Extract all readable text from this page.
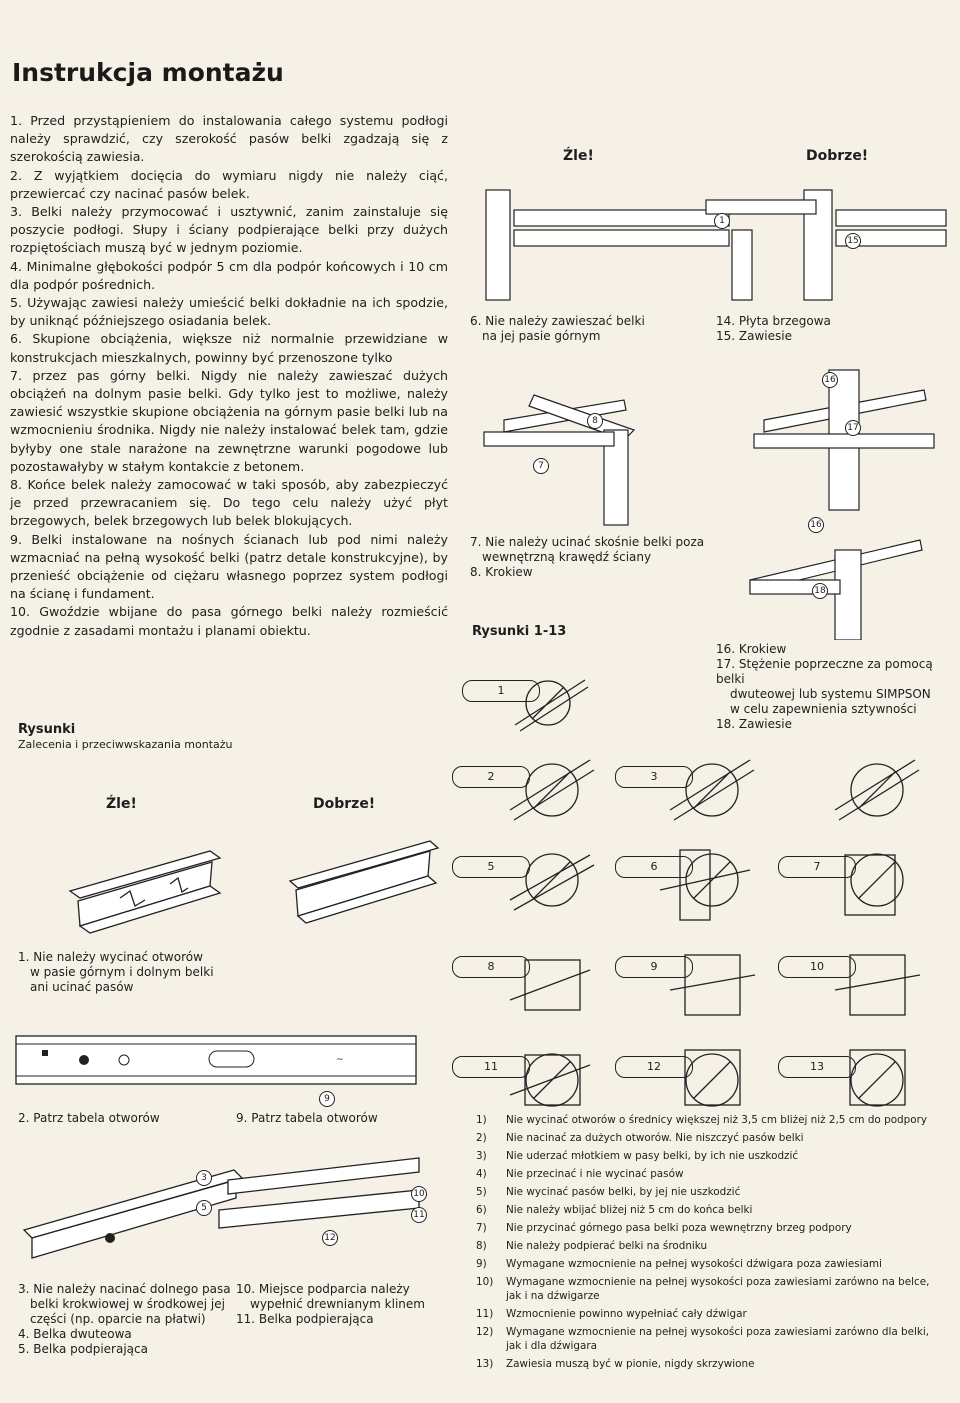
Instrukcja montażu

1. Przed przystąpieniem do instalowania całego systemu podłogi należy sprawdzić, czy szerokość pasów belki zgadzają się z szerokością zawiesia.

2. Z wyjątkiem docięcia do wymiaru nigdy nie należy ciąć, przewiercać czy nacinać pasów belek.

3. Belki należy przymocować i usztywnić, zanim zainstaluje się poszycie podłogi. Słupy i ściany podpierające belki przy dużych rozpiętościach muszą być w jednym poziomie.

4. Minimalne głębokości podpór 5 cm dla podpór końcowych i 10 cm dla podpór pośrednich.

5. Używając zawiesi należy umieścić belki dokładnie na ich spodzie, by uniknąć późniejszego osiadania belek.

6. Skupione obciążenia, większe niż normalnie przewidziane w konstrukcjach mieszkalnych, powinny być przenoszone tylko

7. przez pas górny belki. Nigdy nie należy zawieszać dużych obciążeń na dolnym pasie belki. Gdy tylko jest to możliwe, należy zawiesić wszystkie skupione obciążenia na górnym pasie belki lub na wzmocnieniu środnika. Nigdy nie należy instalować belek tam, gdzie byłyby one stale narażone na zewnętrzne warunki pogodowe lub pozostawałyby w stałym kontakcie z betonem.

8. Końce belek należy zamocować w taki sposób, aby zabezpieczyć je przed przewracaniem się. Do tego celu należy użyć płyt brzegowych, belek brzegowych lub belek blokujących.

9. Belki instalowane na nośnych ścianach lub pod nimi należy wzmacniać na pełną wysokość belki (patrz detale konstrukcyjne), by przenieść obciążenie od ciężaru własnego poprzez system podłogi na ścianę i fundament.

10. Gwoździe wbijane do pasa górnego belki należy rozmieścić zgodnie z zasadami montażu i planami obiektu.

Rysunki
Zalecenia i przeciwwskazania montażu
Źle!	Dobrze!
1. Nie należy wycinać otworów
w pasie górnym i dolnym belki
ani ucinać pasów
~
9
2. Patrz tabela otworów	9. Patrz tabela otworów
3
5
10
11
12
3. Nie należy nacinać dolnego pasa
belki krokwiowej w środkowej jej
części (np. oparcie na płatwi)
4. Belka dwuteowa
5. Belka podpierająca
10. Miejsce podparcia należy
wypełnić drewnianym klinem
11. Belka podpierająca
Źle!	Dobrze!
1
15
6. Nie należy zawieszać belki
na jej pasie górnym
14. Płyta brzegowa
15. Zawiesie
16
17
8
7
16
18
7. Nie należy ucinać skośnie belki poza
wewnętrzną krawędź ściany
8. Krokiew
Rysunki 1-13
16. Krokiew
17. Stężenie poprzeczne za pomocą belki
dwuteowej lub systemu SIMPSON
w celu zapewnienia sztywności
18. Zawiesie
1
2	3
5	6	7
8	9	10
11	12	13
1)	Nie wycinać otworów o średnicy większej niż 3,5 cm bliżej niż 2,5 cm do podpory
2)	Nie nacinać za dużych otworów. Nie niszczyć pasów belki
3)	Nie uderzać młotkiem w pasy belki, by ich nie uszkodzić
4)	Nie przecinać i nie wycinać pasów
5)	Nie wycinać pasów belki, by jej nie uszkodzić
6)	Nie należy wbijać bliżej niż 5 cm do końca belki
7)	Nie przycinać górnego pasa belki poza wewnętrzny brzeg podpory
8)	Nie należy podpierać belki na środniku
9)	Wymagane wzmocnienie na pełnej wysokości dźwigara poza zawiesiami
10)	Wymagane wzmocnienie na pełnej wysokości poza zawiesiami zarówno na belce, jak i na dźwigarze
11)	Wzmocnienie powinno wypełniać cały dźwigar
12)	Wymagane wzmocnienie na pełnej wysokości poza zawiesiami zarówno dla belki, jak i dla dźwigara
13)	Zawiesia muszą być w pionie, nigdy skrzywione
